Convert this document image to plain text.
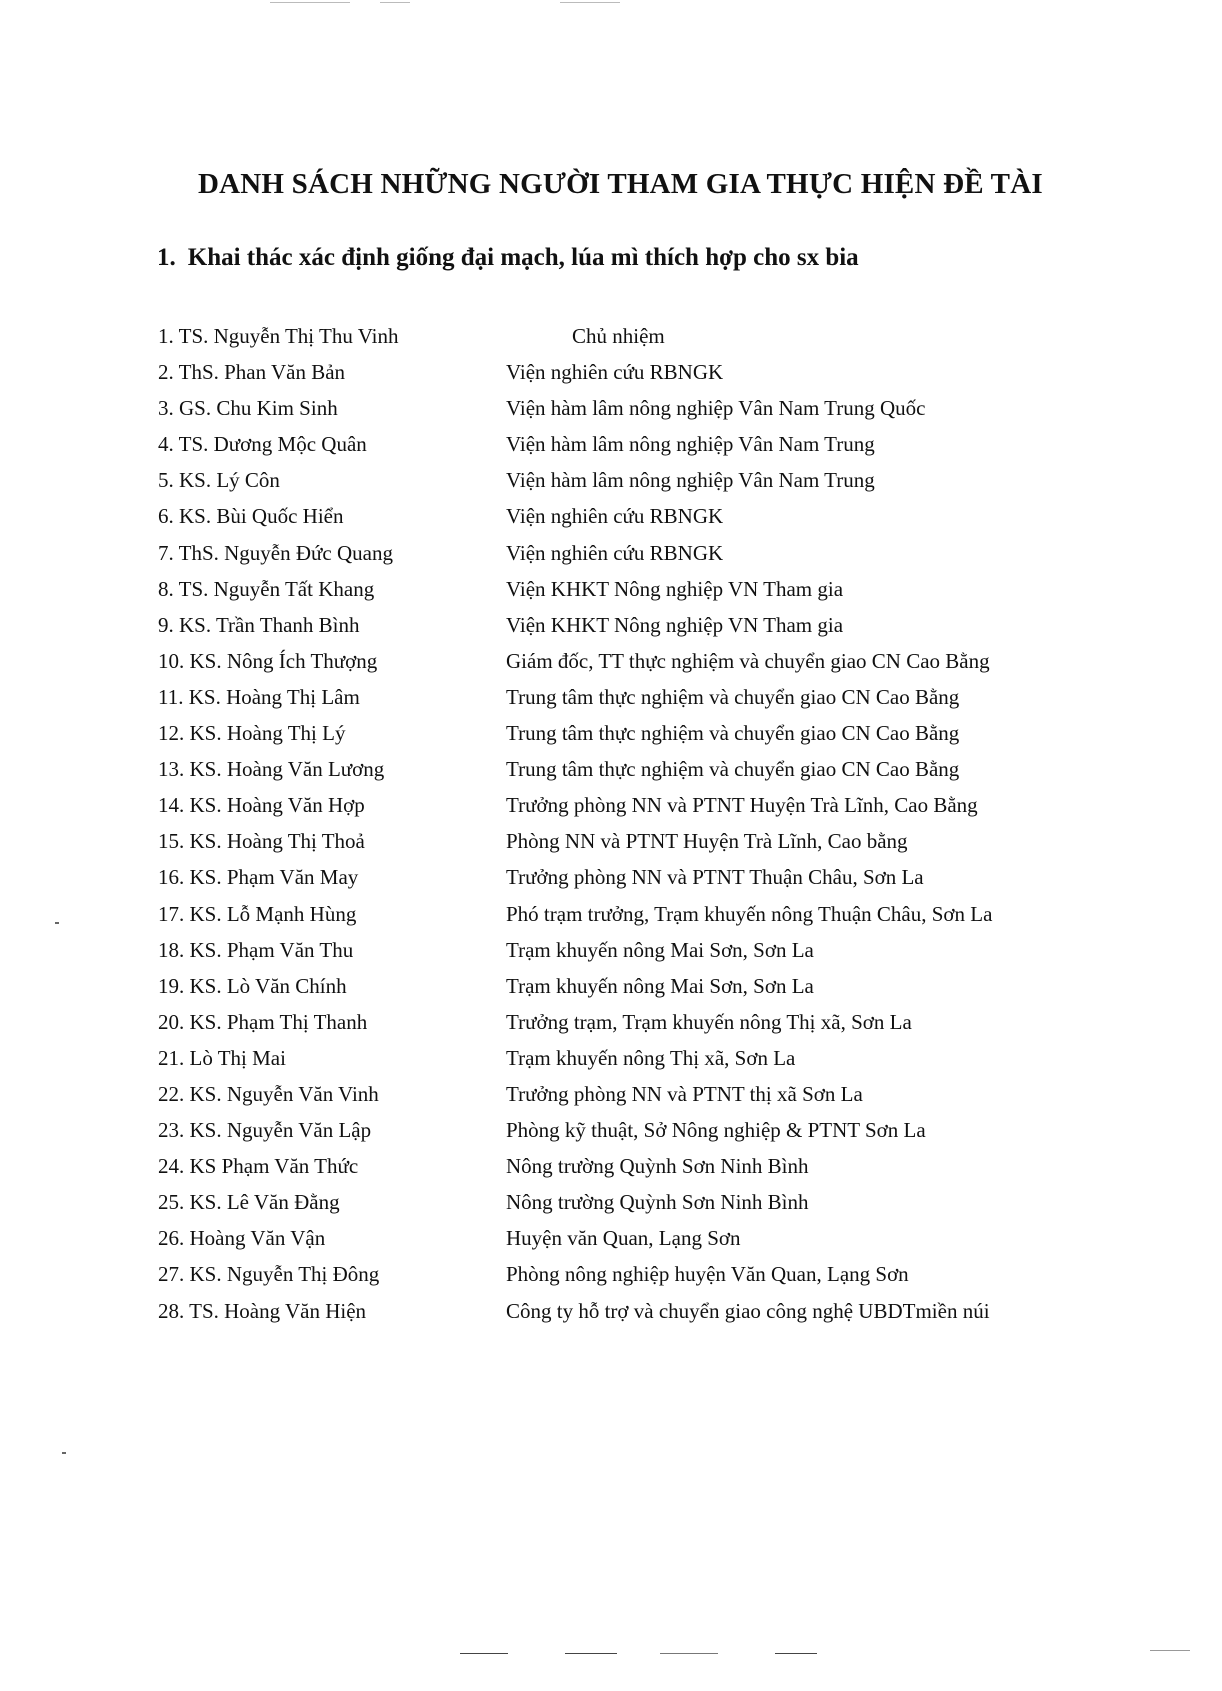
DANH SÁCH NHỮNG NGƯỜI THAM GIA THỰC HIỆN ĐỀ TÀI
1. Khai thác xác định giống đại mạch, lúa mì thích hợp cho sx bia
1. TS. Nguyễn Thị Thu Vinh	Chủ nhiệm
2. ThS. Phan Văn Bản	Viện nghiên cứu RBNGK
3. GS. Chu Kim Sinh	Viện hàm lâm nông nghiệp Vân Nam Trung Quốc
4. TS. Dương Mộc Quân	Viện hàm lâm nông nghiệp Vân Nam Trung
5. KS. Lý Côn	Viện hàm lâm nông nghiệp Vân Nam Trung
6. KS. Bùi Quốc Hiển	Viện nghiên cứu RBNGK
7. ThS. Nguyễn Đức Quang	Viện nghiên cứu RBNGK
8. TS. Nguyễn Tất Khang	Viện KHKT Nông nghiệp VN Tham gia
9. KS. Trần Thanh Bình	Viện KHKT Nông nghiệp VN Tham gia
10. KS. Nông Ích Thượng	Giám đốc, TT thực nghiệm và chuyển giao CN Cao Bằng
11. KS. Hoàng Thị Lâm	Trung tâm thực nghiệm và chuyển giao CN Cao Bằng
12. KS. Hoàng Thị Lý	Trung tâm thực nghiệm và chuyển giao CN Cao Bằng
13. KS. Hoàng Văn Lương	Trung tâm thực nghiệm và chuyển giao CN Cao Bằng
14. KS. Hoàng Văn Hợp	Trưởng phòng NN và PTNT Huyện Trà Lĩnh, Cao Bằng
15. KS. Hoàng Thị Thoả	Phòng NN và PTNT Huyện Trà Lĩnh, Cao bằng
16. KS. Phạm Văn May	Trưởng phòng NN và PTNT Thuận Châu, Sơn La
17. KS. Lỗ Mạnh Hùng	Phó trạm trưởng, Trạm khuyến nông Thuận Châu, Sơn La
18. KS. Phạm Văn Thu	Trạm khuyến nông Mai Sơn, Sơn La
19. KS. Lò Văn Chính	Trạm khuyến nông Mai Sơn, Sơn La
20. KS. Phạm Thị Thanh	Trưởng trạm, Trạm khuyến nông Thị xã, Sơn La
21. Lò Thị Mai	Trạm khuyến nông Thị xã, Sơn La
22. KS. Nguyễn Văn Vinh	Trưởng phòng NN và PTNT thị xã Sơn La
23. KS. Nguyễn Văn Lập	Phòng kỹ thuật, Sở Nông nghiệp & PTNT Sơn La
24. KS Phạm Văn Thức	Nông trường Quỳnh Sơn Ninh Bình
25. KS. Lê Văn Đằng	Nông trường Quỳnh Sơn Ninh Bình
26. Hoàng Văn Vận	Huyện văn Quan, Lạng Sơn
27. KS. Nguyễn Thị Đông	Phòng nông nghiệp huyện Văn Quan, Lạng Sơn
28. TS. Hoàng Văn Hiện	Công ty hỗ trợ và chuyển giao công nghệ UBDTmiền núi
